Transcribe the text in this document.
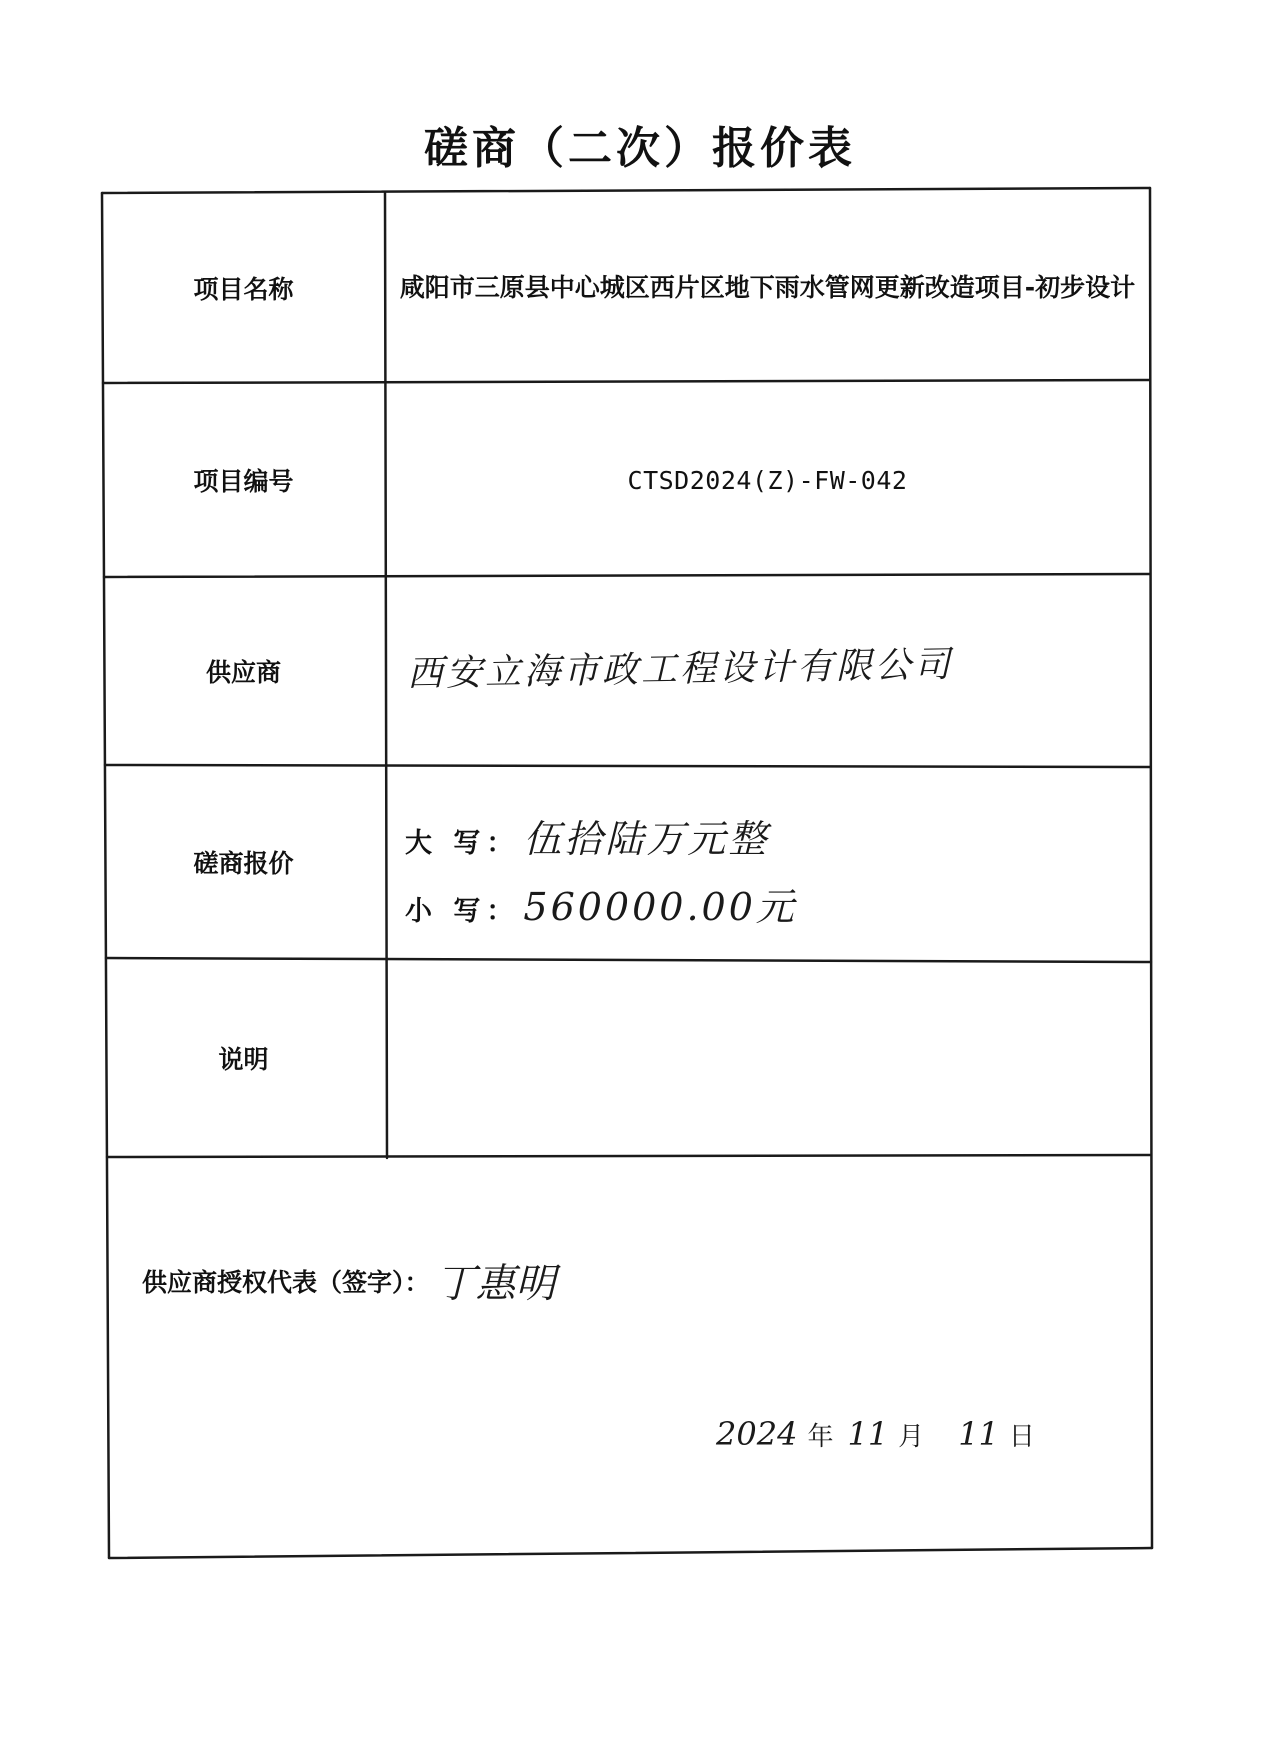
磋商（二次）报价表
项目名称	咸阳市三原县中心城区西片区地下雨水管网更新改造项目-初步设计
项目编号	CTSD2024(Z)-FW-042
供应商	西安立海市政工程设计有限公司
磋商报价
大 写： 伍拾陆万元整
小 写： 560000.00元
说明
供应商授权代表（签字）： 丁惠明
2024 年 11 月 11 日
